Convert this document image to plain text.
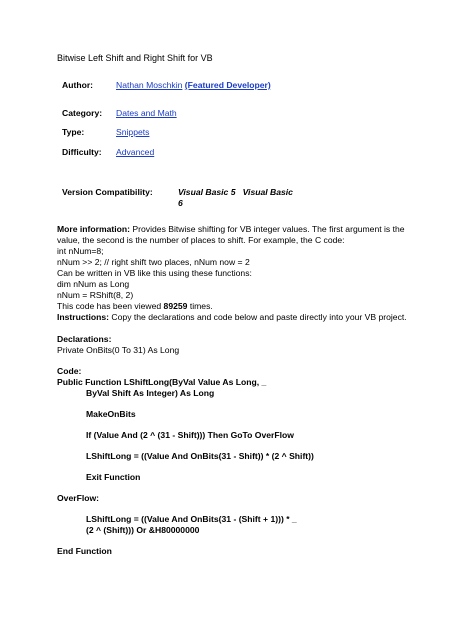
Bitwise Left Shift and Right Shift for VB
Author:	Nathan Moschkin (Featured Developer)
Category: Dates and Math
Type:	Snippets
Difficulty: Advanced
Version Compatibility:	Visual Basic 5   Visual Basic
6
More information: Provides Bitwise shifting for VB integer values. The first argument is the
value, the second is the number of places to shift. For example, the C code:
int nNum=8;
nNum >> 2; // right shift two places, nNum now = 2
Can be written in VB like this using these functions:
dim nNum as Long
nNum = RShift(8, 2)
This code has been viewed 89259 times.
Instructions: Copy the declarations and code below and paste directly into your VB project.
Declarations:
Private OnBits(0 To 31) As Long
Code:
Public Function LShiftLong(ByVal Value As Long, _
ByVal Shift As Integer) As Long
MakeOnBits
If (Value And (2 ^ (31 - Shift))) Then GoTo OverFlow
LShiftLong = ((Value And OnBits(31 - Shift)) * (2 ^ Shift))
Exit Function
OverFlow:
LShiftLong = ((Value And OnBits(31 - (Shift + 1))) * _
(2 ^ (Shift))) Or &H80000000
End Function
